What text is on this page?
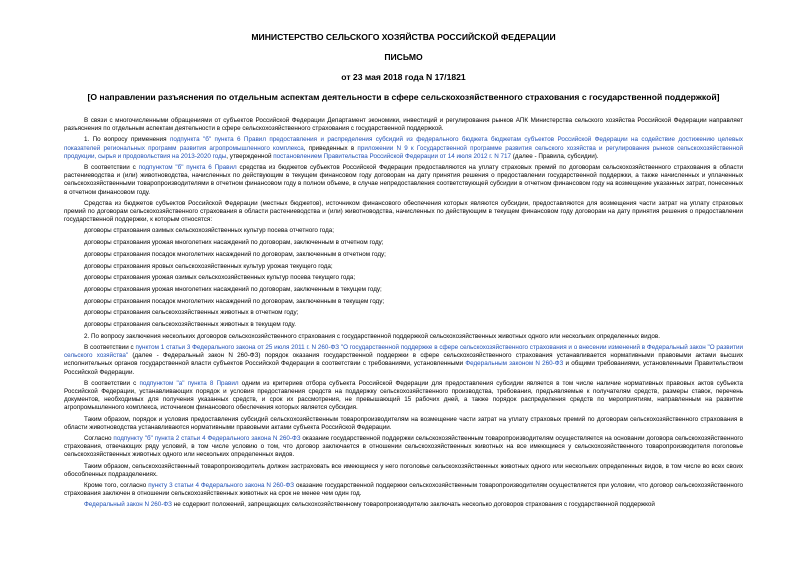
МИНИСТЕРСТВО СЕЛЬСКОГО ХОЗЯЙСТВА РОССИЙСКОЙ ФЕДЕРАЦИИ
ПИСЬМО
от 23 мая 2018 года N 17/1821
[О направлении разъяснения по отдельным аспектам деятельности в сфере сельскохозяйственного страхования с государственной поддержкой]

В связи с многочисленными обращениями от субъектов Российской Федерации Департамент экономики, инвестиций и регулирования рынков АПК Министерства сельского хозяйства Российской Федерации направляет разъяснения по отдельным аспектам деятельности в сфере сельскохозяйственного страхования с государственной поддержкой.

1. По вопросу применения подпункта "б" пункта 6 Правил предоставления и распределения субсидий из федерального бюджета бюджетам субъектов Российской Федерации на содействие достижению целевых показателей региональных программ развития агропромышленного комплекса, приведенных в приложении N 9 к Государственной программе развития сельского хозяйства и регулирования рынков сельскохозяйственной продукции, сырья и продовольствия на 2013-2020 годы, утвержденной постановлением Правительства Российской Федерации от 14 июля 2012 г. N 717 (далее - Правила, субсидии).

В соответствии с подпунктом "б" пункта 6 Правил средства из бюджетов субъектов Российской Федерации предоставляются на уплату страховых премий по договорам сельскохозяйственного страхования в области растениеводства и (или) животноводства, начисленных по действующим в текущем финансовом году договорам на дату принятия решения о предоставлении государственной поддержки, а также начисленных и уплаченных сельскохозяйственными товаропроизводителями в отчетном финансовом году в полном объеме, в случае непредоставления соответствующей субсидии в отчетном финансовом году на возмещение указанных затрат, понесенных в отчетном финансовом году.

Средства из бюджетов субъектов Российской Федерации (местных бюджетов), источником финансового обеспечения которых являются субсидии, предоставляются для возмещения части затрат на уплату страховых премий по договорам сельскохозяйственного страхования в области растениеводства и (или) животноводства, начисленных по действующим в текущем финансовом году договорам на дату принятия решения о предоставлении государственной поддержки, к которым относятся:

договоры страхования озимых сельскохозяйственных культур посева отчетного года;
договоры страхования урожая многолетних насаждений по договорам, заключенным в отчетном году;
договоры страхования посадок многолетних насаждений по договорам, заключенным в отчетном году;
договоры страхования яровых сельскохозяйственных культур урожая текущего года;
договоры страхования урожая озимых сельскохозяйственных культур посева текущего года;
договоры страхования урожая многолетних насаждений по договорам, заключенным в текущем году;
договоры страхования посадок многолетних насаждений по договорам, заключенным в текущем году;
договоры страхования сельскохозяйственных животных в отчетном году;
договоры страхования сельскохозяйственных животных в текущем году.

2. По вопросу заключения нескольких договоров сельскохозяйственного страхования с государственной поддержкой сельскохозяйственных животных одного или нескольких определенных видов.

В соответствии с пунктом 1 статьи 3 Федерального закона от 25 июля 2011 г. N 260-ФЗ "О государственной поддержке в сфере сельскохозяйственного страхования и о внесении изменений в Федеральный закон "О развитии сельского хозяйства" (далее - Федеральный закон N 260-ФЗ) порядок оказания государственной поддержки в сфере сельскохозяйственного страхования устанавливается нормативными правовыми актами высших исполнительных органов государственной власти субъектов Российской Федерации в соответствии с требованиями, установленными Федеральным законом N 260-ФЗ и общими требованиями, установленными Правительством Российской Федерации.

В соответствии с подпунктом "а" пункта 8 Правил одним из критериев отбора субъекта Российской Федерации для предоставления субсидии является в том числе наличие нормативных правовых актов субъекта Российской Федерации, устанавливающих порядок и условия предоставления средств на поддержку сельскохозяйственного производства, требования, предъявляемые к получателям средств, размеры ставок, перечень документов, необходимых для получения указанных средств, и срок их рассмотрения, не превышающий 15 рабочих дней, а также порядок распределения средств по мероприятиям, направленным на развитие агропромышленного комплекса, источником финансового обеспечения которых является субсидия.

Таким образом, порядок и условия предоставления субсидий сельскохозяйственным товаропроизводителям на возмещение части затрат на уплату страховых премий по договорам сельскохозяйственного страхования в области животноводства устанавливаются нормативными правовыми актами субъекта Российской Федерации.

Согласно подпункту "б" пункта 2 статьи 4 Федерального закона N 260-ФЗ оказание государственной поддержки сельскохозяйственным товаропроизводителям осуществляется на основании договора сельскохозяйственного страхования, отвечающих ряду условий, в том числе условию о том, что договор заключается в отношении сельскохозяйственных животных на все имеющиеся у сельскохозяйственного товаропроизводителя поголовье сельскохозяйственных животных одного или нескольких определенных видов.

Таким образом, сельскохозяйственный товаропроизводитель должен застраховать все имеющиеся у него поголовье сельскохозяйственных животных одного или нескольких определенных видов, в том числе во всех своих обособленных подразделениях.

Кроме того, согласно пункту 3 статьи 4 Федерального закона N 260-ФЗ оказание государственной поддержки сельскохозяйственным товаропроизводителям осуществляется при условии, что договор сельскохозяйственного страхования заключен в отношении сельскохозяйственных животных на срок не менее чем один год.

Федеральный закон N 260-ФЗ не содержит положений, запрещающих сельскохозяйственному товаропроизводителю заключать несколько договоров страхования с государственной поддержкой
